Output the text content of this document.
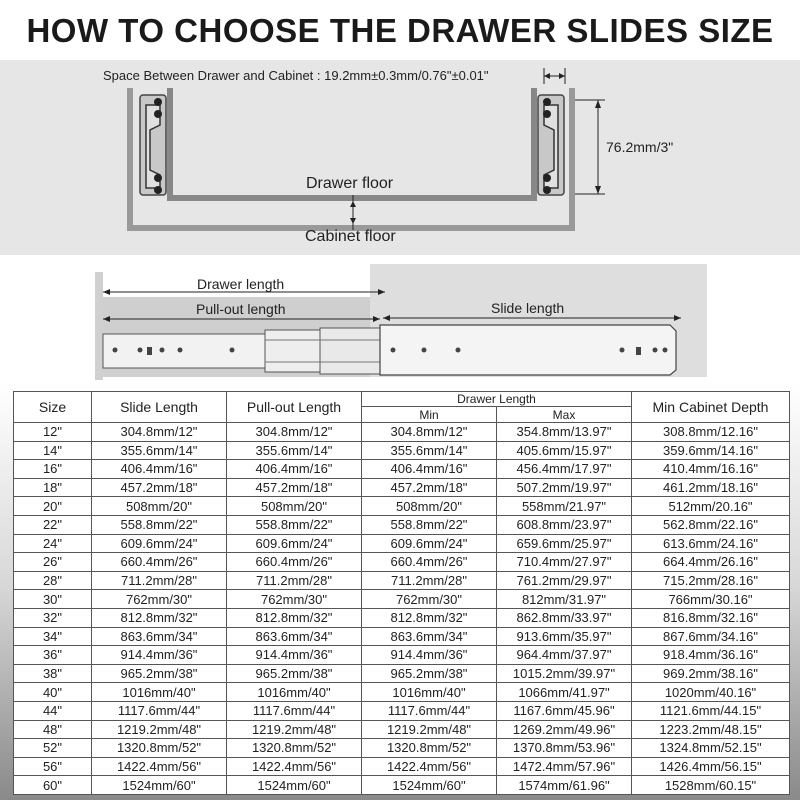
HOW TO CHOOSE THE DRAWER SLIDES SIZE
Space Between Drawer and Cabinet : 19.2mm±0.3mm/0.76"±0.01"
76.2mm/3"
Drawer floor
Cabinet floor
Drawer length
Pull-out length	Slide length
Size	Slide Length	Pull-out Length	Drawer Length		Min Cabinet Depth
			Min	Max	
12"	304.8mm/12"	304.8mm/12"	304.8mm/12"	354.8mm/13.97"	308.8mm/12.16"
14"	355.6mm/14"	355.6mm/14"	355.6mm/14"	405.6mm/15.97"	359.6mm/14.16"
16"	406.4mm/16"	406.4mm/16"	406.4mm/16"	456.4mm/17.97"	410.4mm/16.16"
18"	457.2mm/18"	457.2mm/18"	457.2mm/18"	507.2mm/19.97"	461.2mm/18.16"
20"	508mm/20"	508mm/20"	508mm/20"	558mm/21.97"	512mm/20.16"
22"	558.8mm/22"	558.8mm/22"	558.8mm/22"	608.8mm/23.97"	562.8mm/22.16"
24"	609.6mm/24"	609.6mm/24"	609.6mm/24"	659.6mm/25.97"	613.6mm/24.16"
26"	660.4mm/26"	660.4mm/26"	660.4mm/26"	710.4mm/27.97"	664.4mm/26.16"
28"	711.2mm/28"	711.2mm/28"	711.2mm/28"	761.2mm/29.97"	715.2mm/28.16"
30"	762mm/30"	762mm/30"	762mm/30"	812mm/31.97"	766mm/30.16"
32"	812.8mm/32"	812.8mm/32"	812.8mm/32"	862.8mm/33.97"	816.8mm/32.16"
34"	863.6mm/34"	863.6mm/34"	863.6mm/34"	913.6mm/35.97"	867.6mm/34.16"
36"	914.4mm/36"	914.4mm/36"	914.4mm/36"	964.4mm/37.97"	918.4mm/36.16"
38"	965.2mm/38"	965.2mm/38"	965.2mm/38"	1015.2mm/39.97"	969.2mm/38.16"
40"	1016mm/40"	1016mm/40"	1016mm/40"	1066mm/41.97"	1020mm/40.16"
44"	1117.6mm/44"	1117.6mm/44"	1117.6mm/44"	1167.6mm/45.96"	1121.6mm/44.15"
48"	1219.2mm/48"	1219.2mm/48"	1219.2mm/48"	1269.2mm/49.96"	1223.2mm/48.15"
52"	1320.8mm/52"	1320.8mm/52"	1320.8mm/52"	1370.8mm/53.96"	1324.8mm/52.15"
56"	1422.4mm/56"	1422.4mm/56"	1422.4mm/56"	1472.4mm/57.96"	1426.4mm/56.15"
60"	1524mm/60"	1524mm/60"	1524mm/60"	1574mm/61.96"	1528mm/60.15"
